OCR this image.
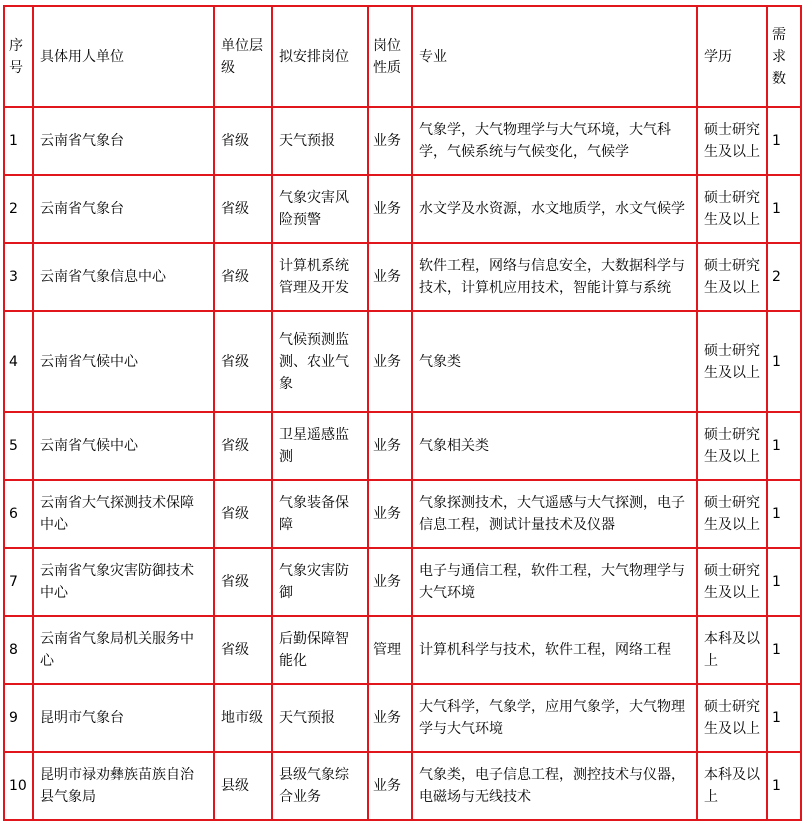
序号	具体用人单位	单位层级	拟安排岗位	岗位性质	专业	学历	需求数
1	云南省气象台	省级	天气预报	业务	气象学，大气物理学与大气环境，大气科学，气候系统与气候变化，气候学	硕士研究生及以上	1
2	云南省气象台	省级	气象灾害风险预警	业务	水文学及水资源，水文地质学，水文气候学	硕士研究生及以上	1
3	云南省气象信息中心	省级	计算机系统管理及开发	业务	软件工程，网络与信息安全，大数据科学与技术，计算机应用技术，智能计算与系统	硕士研究生及以上	2
4	云南省气候中心	省级	气候预测监测、农业气象	业务	气象类	硕士研究生及以上	1
5	云南省气候中心	省级	卫星遥感监测	业务	气象相关类	硕士研究生及以上	1
6	云南省大气探测技术保障中心	省级	气象装备保障	业务	气象探测技术，大气遥感与大气探测，电子信息工程，测试计量技术及仪器	硕士研究生及以上	1
7	云南省气象灾害防御技术中心	省级	气象灾害防御	业务	电子与通信工程，软件工程，大气物理学与大气环境	硕士研究生及以上	1
8	云南省气象局机关服务中心	省级	后勤保障智能化	管理	计算机科学与技术，软件工程，网络工程	本科及以上	1
9	昆明市气象台	地市级	天气预报	业务	大气科学，气象学，应用气象学，大气物理学与大气环境	硕士研究生及以上	1
10	昆明市禄劝彝族苗族自治县气象局	县级	县级气象综合业务	业务	气象类，电子信息工程，测控技术与仪器，电磁场与无线技术	本科及以上	1
